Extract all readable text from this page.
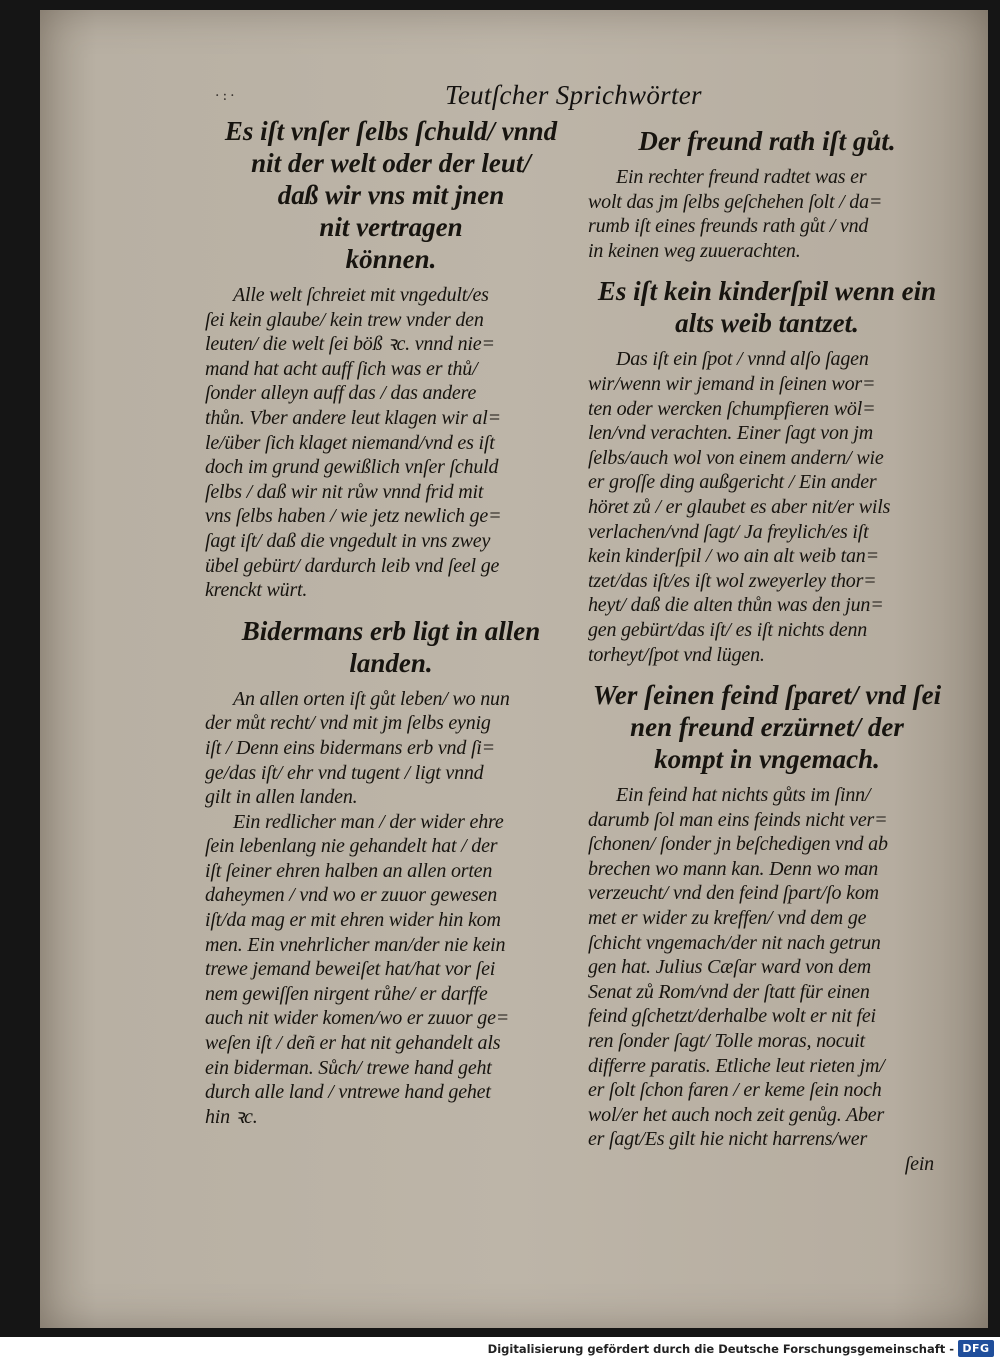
·:·	Teutſcher Sprichwörter
Es iſt vnſer ſelbs ſchuld/ vnnd
nit der welt oder der leut/
daß wir vns mit jnen
nit vertragen
können.

Alle welt ſchreiet mit vngedult/es
ſei kein glaube/ kein trew vnder den
leuten/ die welt ſei böß ꝛc. vnnd nie=
mand hat acht auff ſich was er thů/
ſonder alleyn auff das / das andere
thůn. Vber andere leut klagen wir al=
le/über ſich klaget niemand/vnd es iſt
doch im grund gewißlich vnſer ſchuld
ſelbs / daß wir nit růw vnnd frid mit
vns ſelbs haben / wie jetz newlich ge=
ſagt iſt/ daß die vngedult in vns zwey
übel gebürt/ dardurch leib vnd ſeel ge
krenckt würt.

Bidermans erb ligt in allen
landen.

An allen orten iſt gůt leben/ wo nun
der můt recht/ vnd mit jm ſelbs eynig
iſt / Denn eins bidermans erb vnd ſi=
ge/das iſt/ ehr vnd tugent / ligt vnnd
gilt in allen landen.

Ein redlicher man / der wider ehre
ſein lebenlang nie gehandelt hat / der
iſt ſeiner ehren halben an allen orten
daheymen / vnd wo er zuuor gewesen
iſt/da mag er mit ehren wider hin kom
men. Ein vnehrlicher man/der nie kein
trewe jemand beweiſet hat/hat vor ſei
nem gewiſſen nirgent růhe/ er darffe
auch nit wider komen/wo er zuuor ge=
weſen iſt / deñ er hat nit gehandelt als
ein biderman. Sůch/ trewe hand geht
durch alle land / vntrewe hand gehet
hin ꝛc.

Der freund rath iſt gůt.

Ein rechter freund radtet was er
wolt das jm ſelbs geſchehen ſolt / da=
rumb iſt eines freunds rath gůt / vnd
in keinen weg zuuerachten.

Es iſt kein kinderſpil wenn ein
alts weib tantzet.

Das iſt ein ſpot / vnnd alſo ſagen
wir/wenn wir jemand in ſeinen wor=
ten oder wercken ſchumpfieren wöl=
len/vnd verachten. Einer ſagt von jm
ſelbs/auch wol von einem andern/ wie
er groſſe ding außgericht / Ein ander
höret zů / er glaubet es aber nit/er wils
verlachen/vnd ſagt/ Ja freylich/es iſt
kein kinderſpil / wo ain alt weib tan=
tzet/das iſt/es iſt wol zweyerley thor=
heyt/ daß die alten thůn was den jun=
gen gebürt/das iſt/ es iſt nichts denn
torheyt/ſpot vnd lügen.

Wer ſeinen feind ſparet/ vnd ſei
nen freund erzürnet/ der
kompt in vngemach.

Ein feind hat nichts gůts im ſinn/
darumb ſol man eins feinds nicht ver=
ſchonen/ ſonder jn beſchedigen vnd ab
brechen wo mann kan. Denn wo man
verzeucht/ vnd den feind ſpart/ſo kom
met er wider zu kreffen/ vnd dem ge
ſchicht vngemach/der nit nach getrun
gen hat. Julius Cæſar ward von dem
Senat zů Rom/vnd der ſtatt für einen
feind gſchetzt/derhalbe wolt er nit fei
ren ſonder ſagt/ Tolle moras, nocuit
differre paratis. Etliche leut rieten jm/
er ſolt ſchon faren / er keme ſein noch
wol/er het auch noch zeit genůg. Aber
er ſagt/Es gilt hie nicht harrens/wer

ſein

Digitalisierung gefördert durch die Deutsche Forschungsgemeinschaft - DFG
